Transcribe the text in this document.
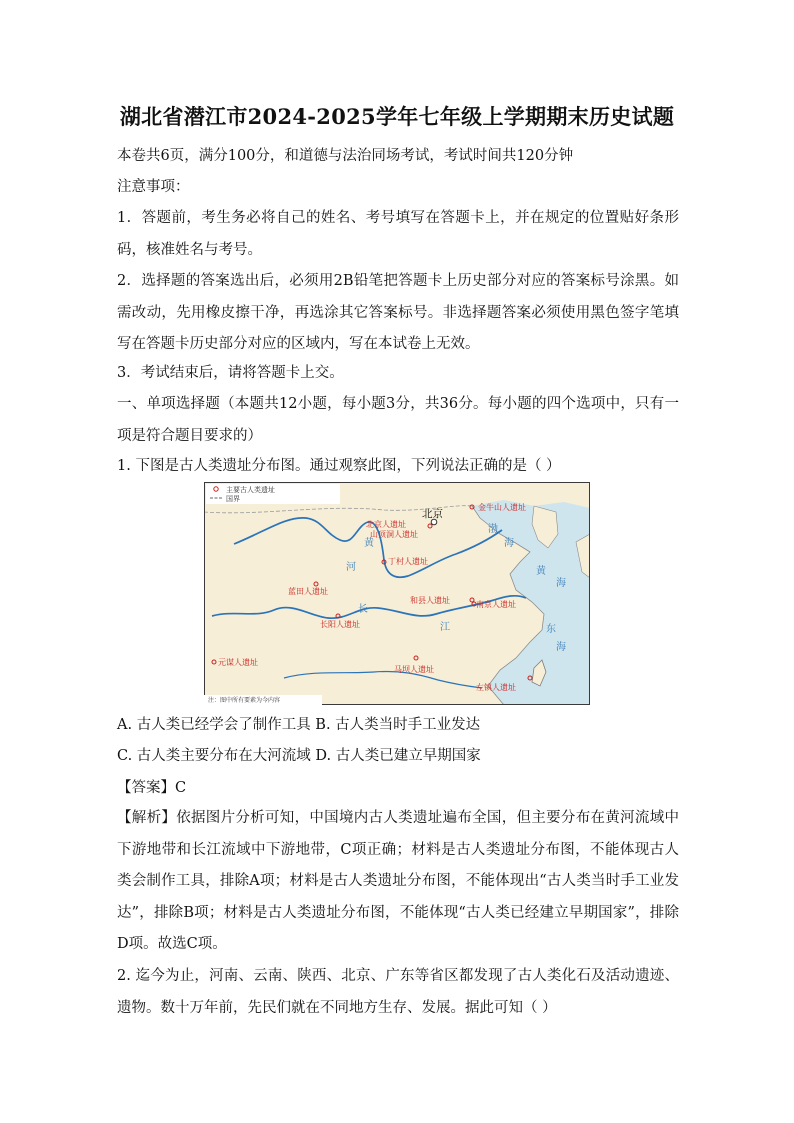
湖北省潜江市2024-2025学年七年级上学期期末历史试题
本卷共6页，满分100分，和道德与法治同场考试，考试时间共120分钟
注意事项：
1．答题前，考生务必将自己的姓名、考号填写在答题卡上，并在规定的位置贴好条形码，核准姓名与考号。
2．选择题的答案选出后，必须用2B铅笔把答题卡上历史部分对应的答案标号涂黑。如需改动，先用橡皮擦干净，再选涂其它答案标号。非选择题答案必须使用黑色签字笔填写在答题卡历史部分对应的区域内，写在本试卷上无效。
3．考试结束后，请将答题卡上交。
一、单项选择题（本题共12小题，每小题3分，共36分。每小题的四个选项中，只有一项是符合题目要求的）
1. 下图是古人类遗址分布图。通过观察此图，下列说法正确的是（ ）
主要古人类遗址
国界
注：图中所有要素为今内容
北京
金牛山人遗址
北京人遗址
山顶洞人遗址
丁村人遗址
蓝田人遗址
和县人遗址	南京人遗址
长阳人遗址
元谋人遗址
马坝人遗址
左镇人遗址
黄
河
长
江
渤
海
黄
海
东
海
A. 古人类已经学会了制作工具 B. 古人类当时手工业发达
C. 古人类主要分布在大河流域 D. 古人类已建立早期国家
【答案】C
【解析】依据图片分析可知，中国境内古人类遗址遍布全国，但主要分布在黄河流域中下游地带和长江流域中下游地带，C项正确；材料是古人类遗址分布图，不能体现古人类会制作工具，排除A项；材料是古人类遗址分布图，不能体现出“古人类当时手工业发达”，排除B项；材料是古人类遗址分布图，不能体现“古人类已经建立早期国家”，排除D项。故选C项。
2. 迄今为止，河南、云南、陕西、北京、广东等省区都发现了古人类化石及活动遗迹、遗物。数十万年前，先民们就在不同地方生存、发展。据此可知（ ）
